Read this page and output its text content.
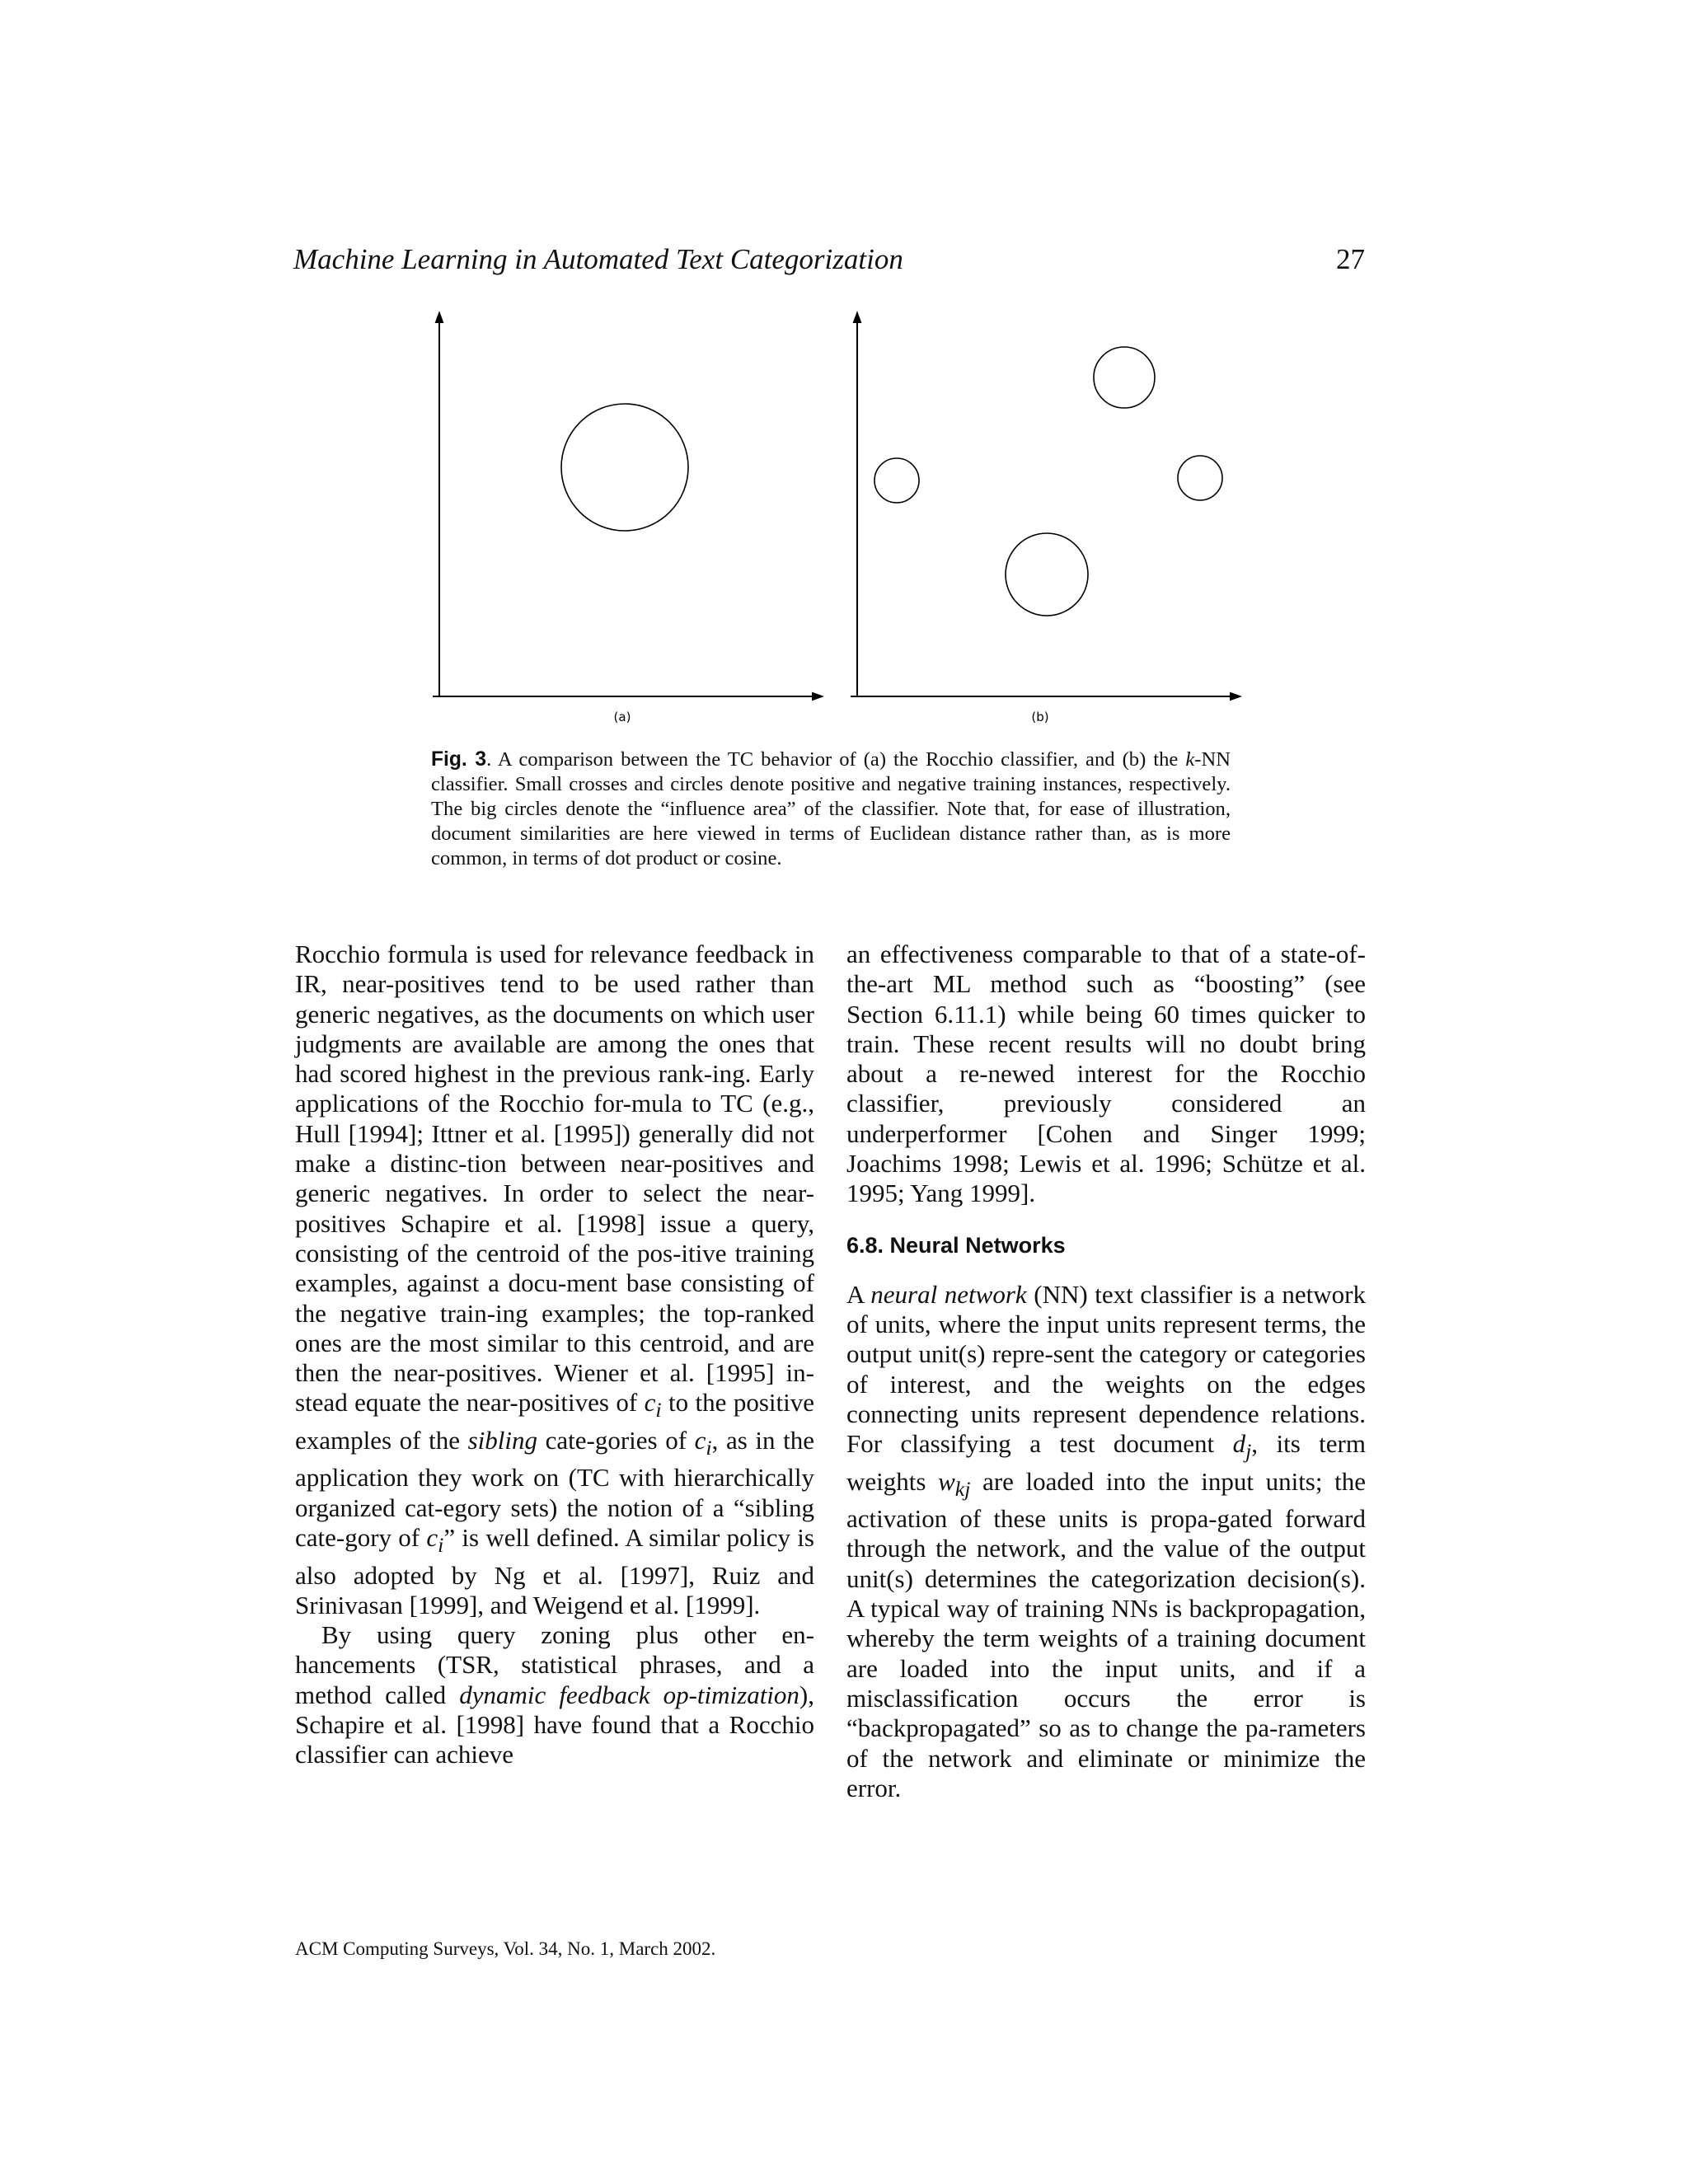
Machine Learning in Automated Text Categorization	27
(a)	(b)
Fig. 3. A comparison between the TC behavior of (a) the Rocchio classifier, and (b) the k-NN classifier. Small crosses and circles denote positive and negative training instances, respectively. The big circles denote the “influence area” of the classifier. Note that, for ease of illustration, document similarities are here viewed in terms of Euclidean distance rather than, as is more common, in terms of dot product or cosine.

Rocchio formula is used for relevance feedback in IR, near-positives tend to be used rather than generic negatives, as the documents on which user judgments are available are among the ones that had scored highest in the previous rank-ing. Early applications of the Rocchio for-mula to TC (e.g., Hull [1994]; Ittner et al. [1995]) generally did not make a distinc-tion between near-positives and generic negatives. In order to select the near-positives Schapire et al. [1998] issue a query, consisting of the centroid of the pos-itive training examples, against a docu-ment base consisting of the negative train-ing examples; the top-ranked ones are the most similar to this centroid, and are then the near-positives. Wiener et al. [1995] in-stead equate the near-positives of $c_i$ to the positive examples of the sibling cate-gories of $c_i$, as in the application they work on (TC with hierarchically organized cat-egory sets) the notion of a “sibling cate-gory of $c_i$” is well defined. A similar policy is also adopted by Ng et al. [1997], Ruiz and Srinivasan [1999], and Weigend et al. [1999].

By using query zoning plus other en-hancements (TSR, statistical phrases, and a method called dynamic feedback op-timization), Schapire et al. [1998] have found that a Rocchio classifier can achieve

an effectiveness comparable to that of a state-of-the-art ML method such as “boosting” (see Section 6.11.1) while being 60 times quicker to train. These recent results will no doubt bring about a re-newed interest for the Rocchio classifier, previously considered an underperformer [Cohen and Singer 1999; Joachims 1998; Lewis et al. 1996; Schütze et al. 1995; Yang 1999].

6.8. Neural Networks

A neural network (NN) text classifier is a network of units, where the input units represent terms, the output unit(s) repre-sent the category or categories of interest, and the weights on the edges connecting units represent dependence relations. For classifying a test document $d_j$, its term weights $w_{kj}$ are loaded into the input units; the activation of these units is propa-gated forward through the network, and the value of the output unit(s) determines the categorization decision(s). A typical way of training NNs is backpropagation, whereby the term weights of a training document are loaded into the input units, and if a misclassification occurs the error is “backpropagated” so as to change the pa-rameters of the network and eliminate or minimize the error.

ACM Computing Surveys, Vol. 34, No. 1, March 2002.
